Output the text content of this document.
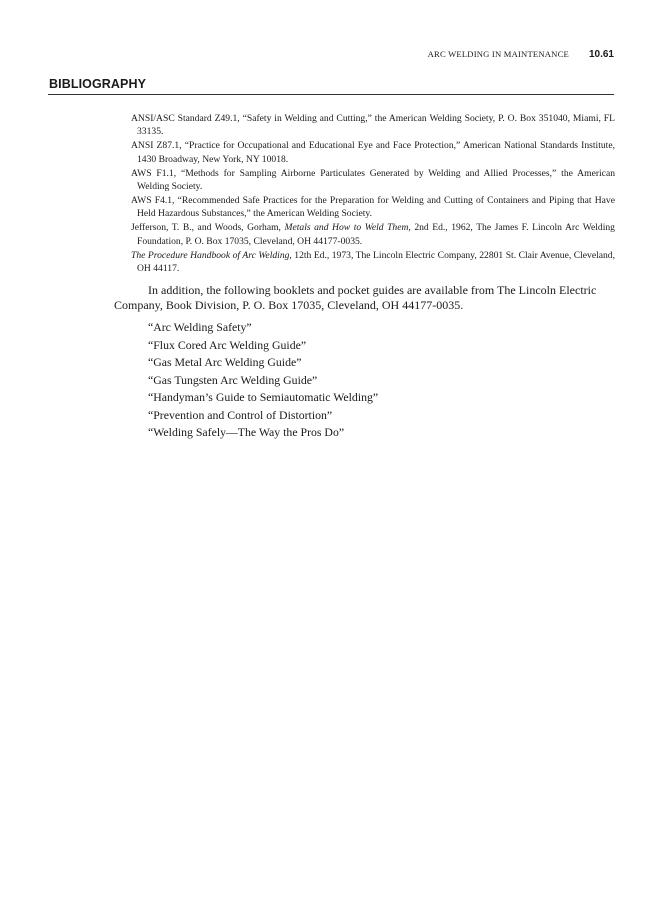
ARC WELDING IN MAINTENANCE 10.61
BIBLIOGRAPHY
ANSI/ASC Standard Z49.1, “Safety in Welding and Cutting,” the American Welding Society, P. O. Box 351040, Miami, FL 33135.
ANSI Z87.1, “Practice for Occupational and Educational Eye and Face Protection,” American National Standards Institute, 1430 Broadway, New York, NY 10018.
AWS F1.1, “Methods for Sampling Airborne Particulates Generated by Welding and Allied Processes,” the American Welding Society.
AWS F4.1, “Recommended Safe Practices for the Preparation for Welding and Cutting of Containers and Piping that Have Held Hazardous Substances,” the American Welding Society.
Jefferson, T. B., and Woods, Gorham, Metals and How to Weld Them, 2nd Ed., 1962, The James F. Lincoln Arc Welding Foundation, P. O. Box 17035, Cleveland, OH 44177-0035.
The Procedure Handbook of Arc Welding, 12th Ed., 1973, The Lincoln Electric Company, 22801 St. Clair Avenue, Cleveland, OH 44117.

In addition, the following booklets and pocket guides are available from The Lincoln Electric
Company, Book Division, P. O. Box 17035, Cleveland, OH 44177-0035.

“Arc Welding Safety”
“Flux Cored Arc Welding Guide”
“Gas Metal Arc Welding Guide”
“Gas Tungsten Arc Welding Guide”
“Handyman’s Guide to Semiautomatic Welding”
“Prevention and Control of Distortion”
“Welding Safely—The Way the Pros Do”
